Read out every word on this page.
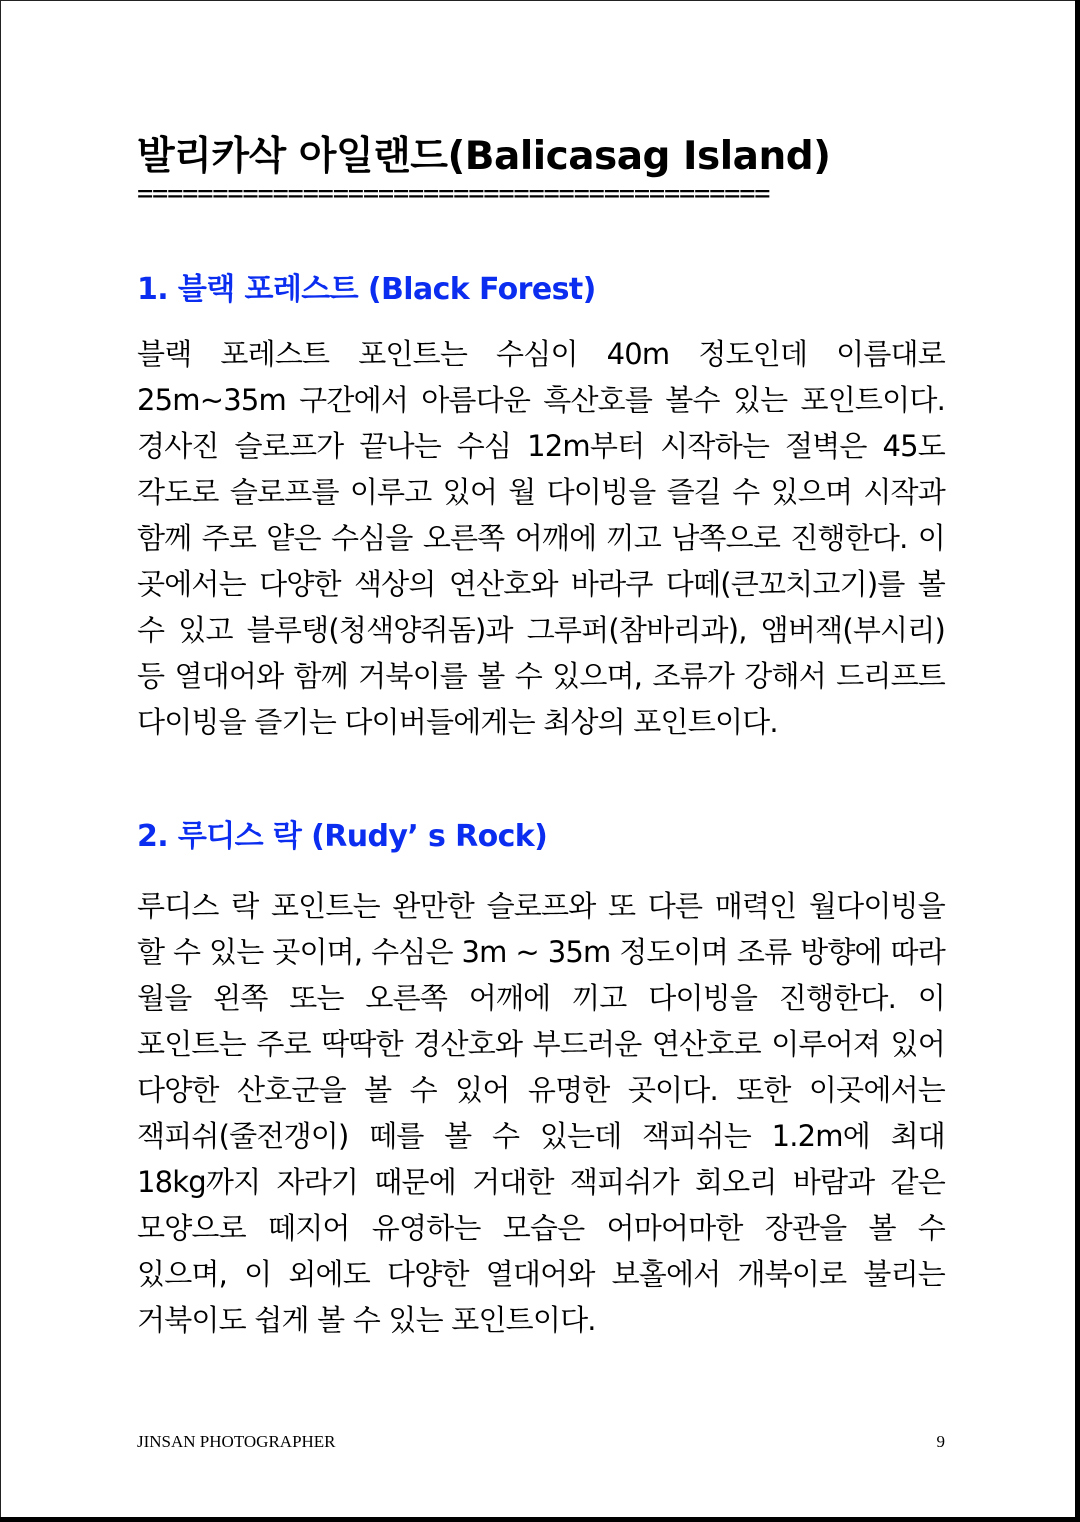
발리카삭 아일랜드(Balicasag Island)
==========================================
1. 블랙 포레스트 (Black Forest)

블랙 포레스트 포인트는 수심이 40m 정도인데 이름대로 25m~35m 구간에서 아름다운 흑산호를 볼수 있는 포인트이다. 경사진 슬로프가 끝나는 수심 12m부터 시작하는 절벽은 45도 각도로 슬로프를 이루고 있어 월 다이빙을 즐길 수 있으며 시작과 함께 주로 얕은 수심을 오른쪽 어깨에 끼고 남쪽으로 진행한다. 이 곳에서는 다양한 색상의 연산호와 바라쿠 다떼(큰꼬치고기)를 볼 수 있고 블루탱(청색양쥐돔)과 그루퍼(참바리과), 앰버잭(부시리) 등 열대어와 함께 거북이를 볼 수 있으며, 조류가 강해서 드리프트 다이빙을 즐기는 다이버들에게는 최상의 포인트이다.

2. 루디스 락 (Rudy’ s Rock)

루디스 락 포인트는 완만한 슬로프와 또 다른 매력인 월다이빙을 할 수 있는 곳이며, 수심은 3m ~ 35m 정도이며 조류 방향에 따라 월을 왼쪽 또는 오른쪽 어깨에 끼고 다이빙을 진행한다. 이 포인트는 주로 딱딱한 경산호와 부드러운 연산호로 이루어져 있어 다양한 산호군을 볼 수 있어 유명한 곳이다. 또한 이곳에서는 잭피쉬(줄전갱이) 떼를 볼 수 있는데 잭피쉬는 1.2m에 최대 18kg까지 자라기 때문에 거대한 잭피쉬가 회오리 바람과 같은 모양으로 떼지어 유영하는 모습은 어마어마한 장관을 볼 수 있으며, 이 외에도 다양한 열대어와 보홀에서 개북이로 불리는 거북이도 쉽게 볼 수 있는 포인트이다.

JINSAN PHOTOGRAPHER	9
